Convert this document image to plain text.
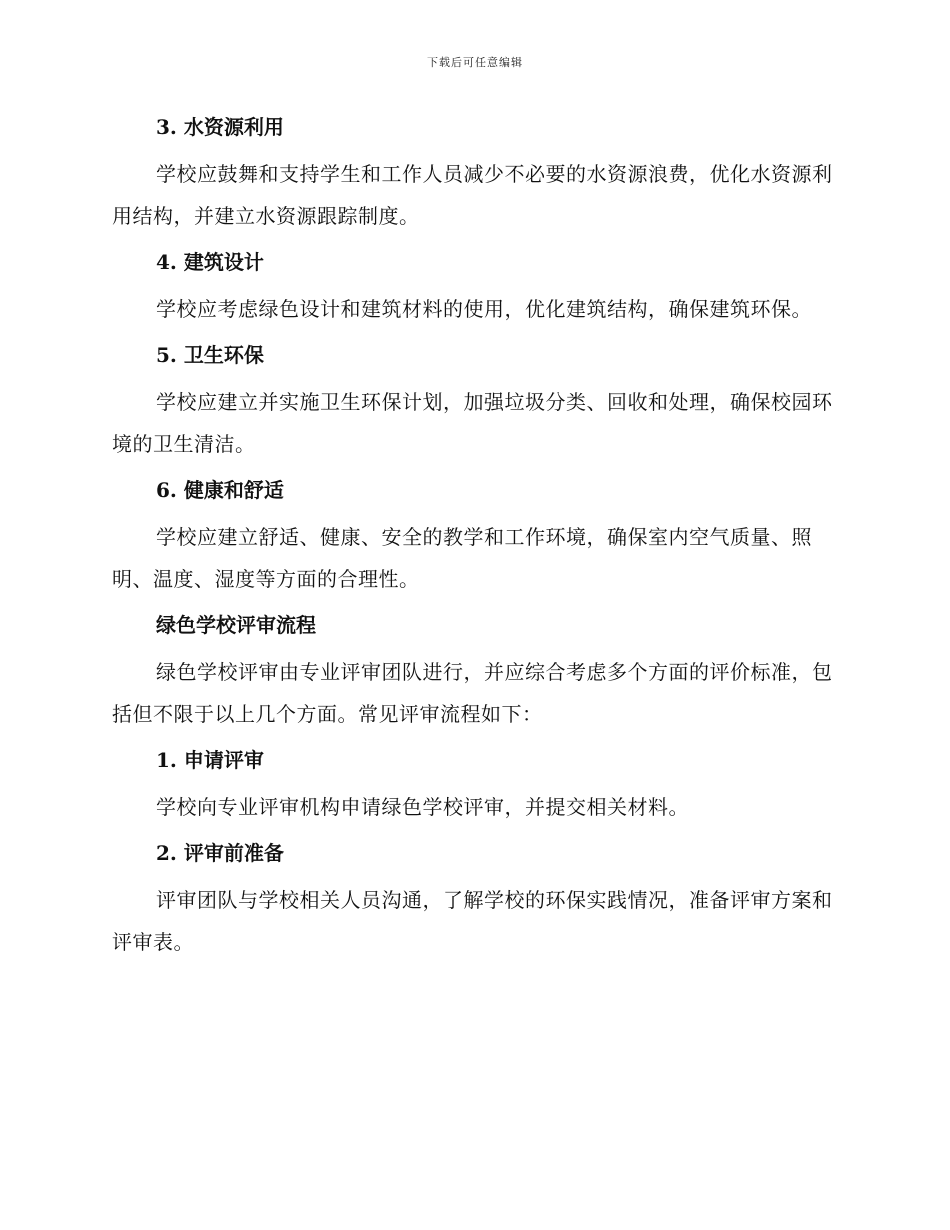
下载后可任意编辑

3. 水资源利用

学校应鼓舞和支持学生和工作人员减少不必要的水资源浪费，优化水资源利用结构，并建立水资源跟踪制度。

4. 建筑设计

学校应考虑绿色设计和建筑材料的使用，优化建筑结构，确保建筑环保。

5. 卫生环保

学校应建立并实施卫生环保计划，加强垃圾分类、回收和处理，确保校园环境的卫生清洁。

6. 健康和舒适

学校应建立舒适、健康、安全的教学和工作环境，确保室内空气质量、照明、温度、湿度等方面的合理性。

绿色学校评审流程

绿色学校评审由专业评审团队进行，并应综合考虑多个方面的评价标准，包括但不限于以上几个方面。常见评审流程如下：

1. 申请评审

学校向专业评审机构申请绿色学校评审，并提交相关材料。

2. 评审前准备

评审团队与学校相关人员沟通，了解学校的环保实践情况，准备评审方案和评审表。
